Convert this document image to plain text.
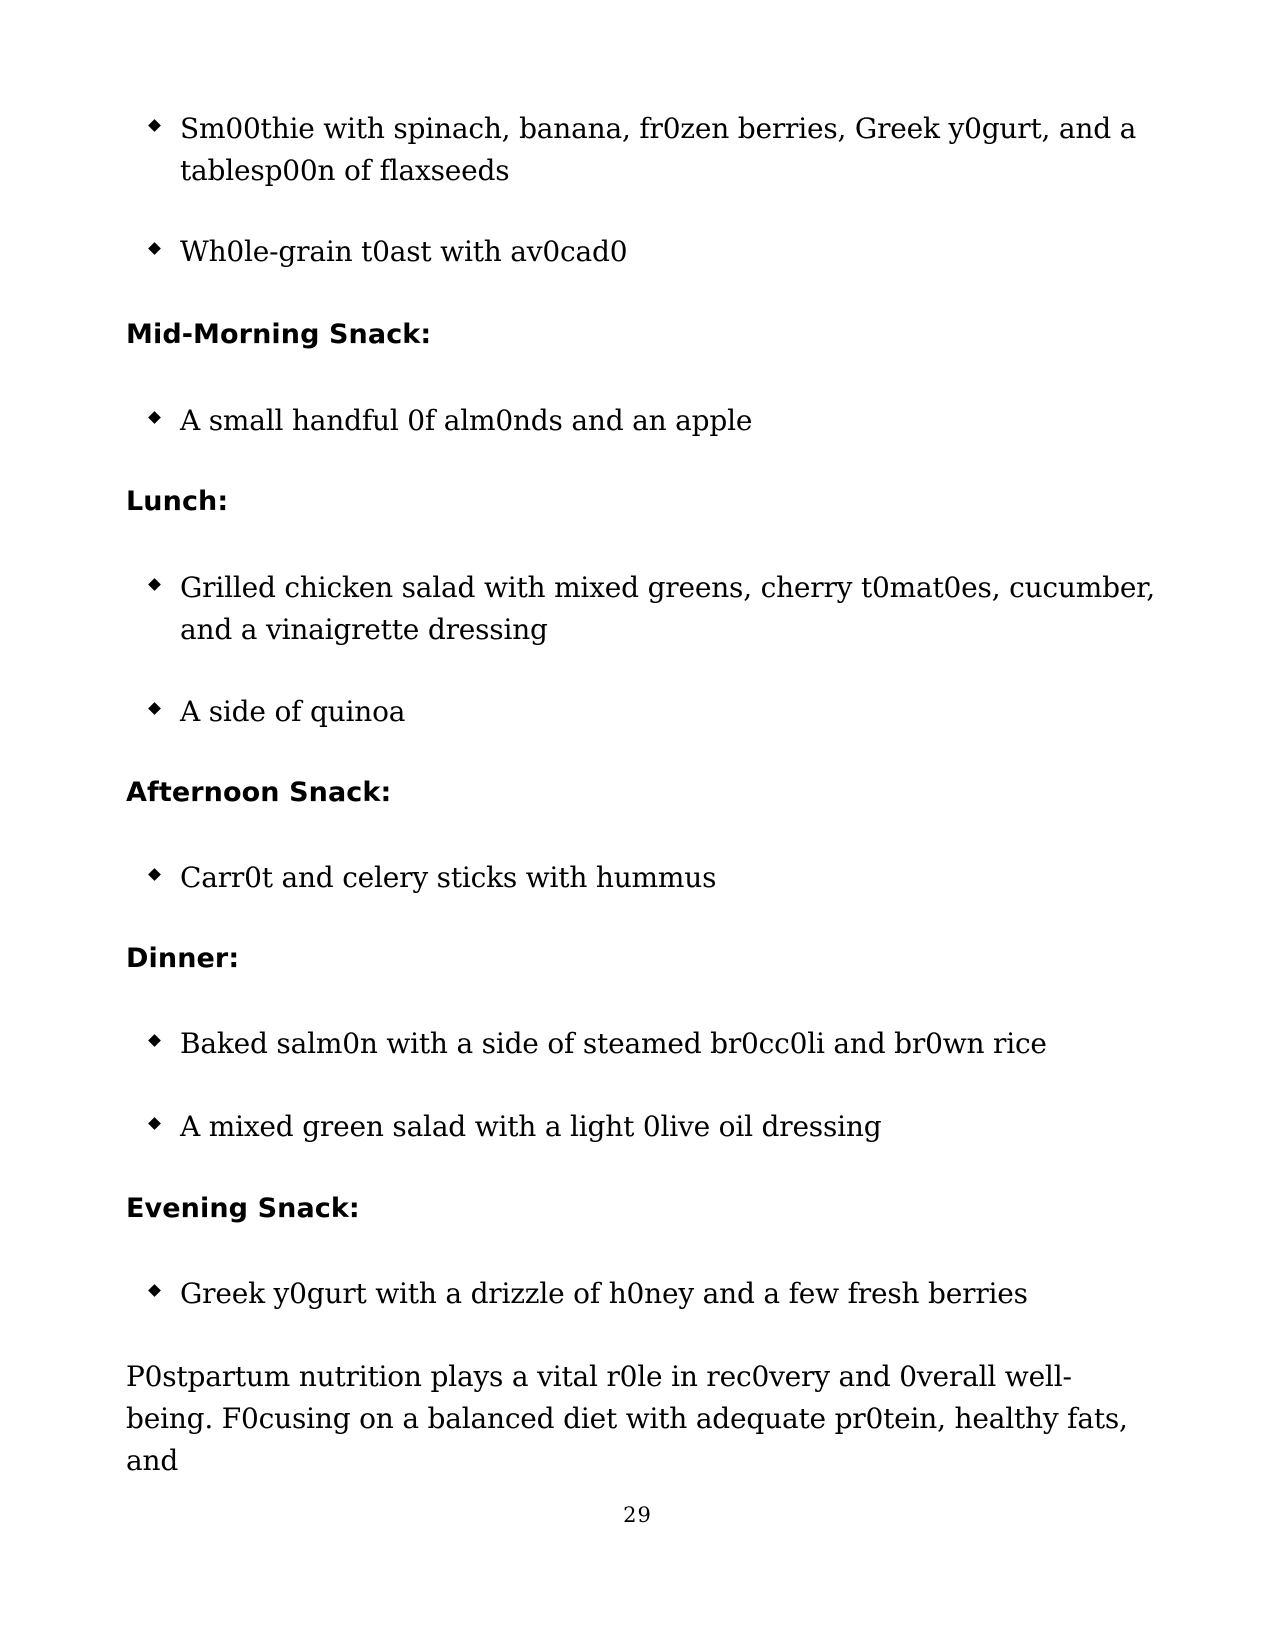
Sm00thie with spinach, banana, fr0zen berries, Greek y0gurt, and a tablesp00n of flaxseeds
Wh0le-grain t0ast with av0cad0
Mid-Morning Snack:
A small handful 0f alm0nds and an apple
Lunch:
Grilled chicken salad with mixed greens, cherry t0mat0es, cucumber, and a vinaigrette dressing
A side of quinoa
Afternoon Snack:
Carr0t and celery sticks with hummus
Dinner:
Baked salm0n with a side of steamed br0cc0li and br0wn rice
A mixed green salad with a light 0live oil dressing
Evening Snack:
Greek y0gurt with a drizzle of h0ney and a few fresh berries
P0stpartum nutrition plays a vital r0le in rec0very and 0verall well-being. F0cusing on a balanced diet with adequate pr0tein, healthy fats, and
29
